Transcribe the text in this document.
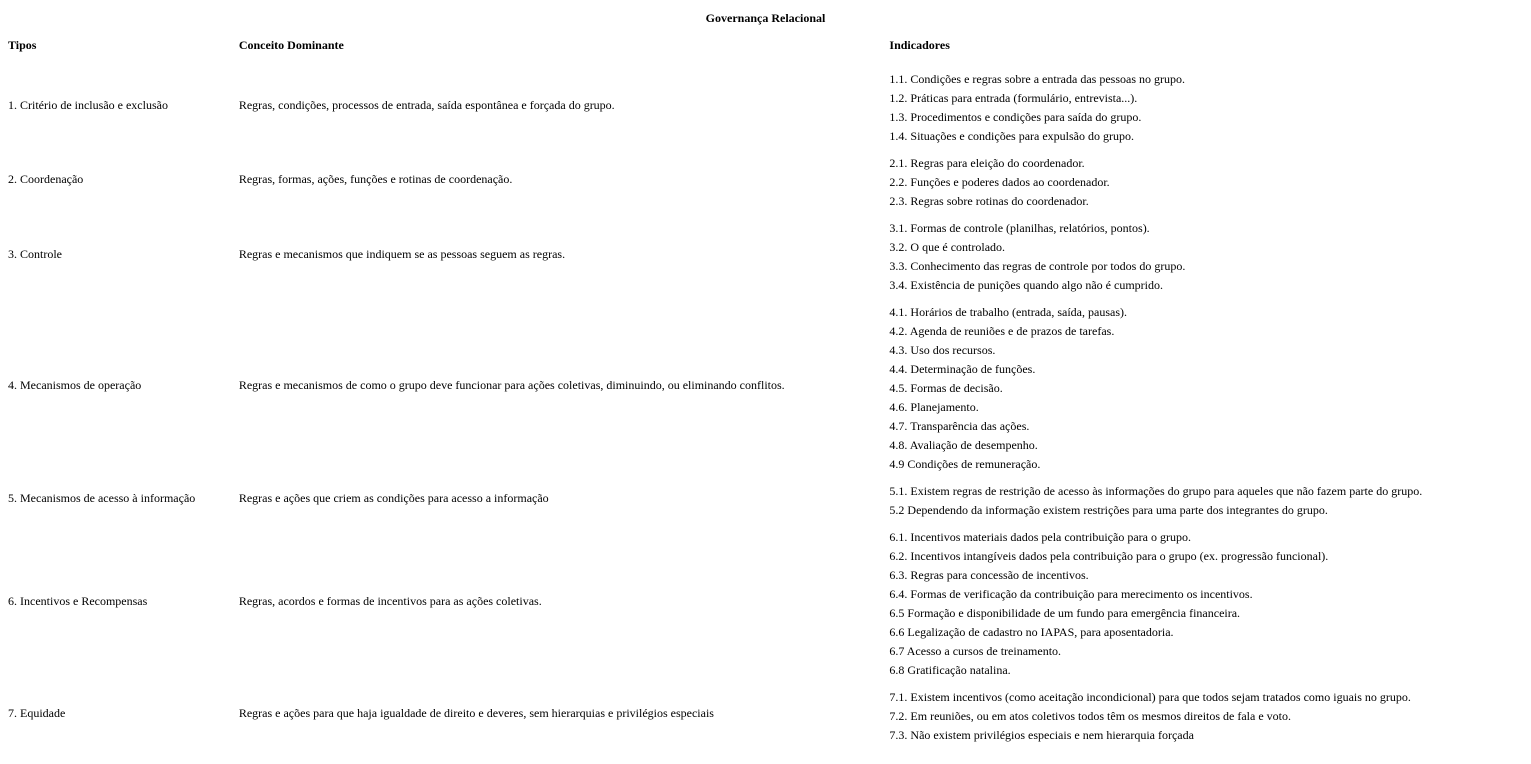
Governança Relacional
Tipos	Conceito Dominante	Indicadores
1. Critério de inclusão e exclusão	Regras, condições, processos de entrada, saída espontânea e forçada do grupo.	1.1. Condições e regras sobre a entrada das pessoas no grupo.
1.2. Práticas para entrada (formulário, entrevista...).
1.3. Procedimentos e condições para saída do grupo.
1.4. Situações e condições para expulsão do grupo.

2. Coordenação	Regras, formas, ações, funções e rotinas de coordenação.	2.1. Regras para eleição do coordenador.
2.2. Funções e poderes dados ao coordenador.
2.3. Regras sobre rotinas do coordenador.

3. Controle	Regras e mecanismos que indiquem se as pessoas seguem as regras.	3.1. Formas de controle (planilhas, relatórios, pontos).
3.2. O que é controlado.
3.3. Conhecimento das regras de controle por todos do grupo.
3.4. Existência de punições quando algo não é cumprido.

4. Mecanismos de operação	Regras e mecanismos de como o grupo deve funcionar para ações coletivas, diminuindo, ou eliminando conflitos.	
4.1. Horários de trabalho (entrada, saída, pausas).
4.2. Agenda de reuniões e de prazos de tarefas.
4.3. Uso dos recursos.
4.4. Determinação de funções.
4.5. Formas de decisão.
4.6. Planejamento.
4.7. Transparência das ações.
4.8. Avaliação de desempenho.
4.9 Condições de remuneração.

5. Mecanismos de acesso à informação	Regras e ações que criem as condições para acesso a informação	5.1. Existem regras de restrição de acesso às informações do grupo para aqueles que não fazem parte do grupo.
5.2 Dependendo da informação existem restrições para uma parte dos integrantes do grupo.

6. Incentivos e Recompensas	Regras, acordos e formas de incentivos para as ações coletivas.	
6.1. Incentivos materiais dados pela contribuição para o grupo.
6.2. Incentivos intangíveis dados pela contribuição para o grupo (ex. progressão funcional).
6.3. Regras para concessão de incentivos.
6.4. Formas de verificação da contribuição para merecimento os incentivos.
6.5 Formação e disponibilidade de um fundo para emergência financeira.
6.6 Legalização de cadastro no IAPAS, para aposentadoria.
6.7 Acesso a cursos de treinamento.
6.8 Gratificação natalina.

7. Equidade	Regras e ações para que haja igualdade de direito e deveres, sem hierarquias e privilégios especiais	7.1. Existem incentivos (como aceitação incondicional) para que todos sejam tratados como iguais no grupo.
7.2. Em reuniões, ou em atos coletivos todos têm os mesmos direitos de fala e voto.
7.3. Não existem privilégios especiais e nem hierarquia forçada
